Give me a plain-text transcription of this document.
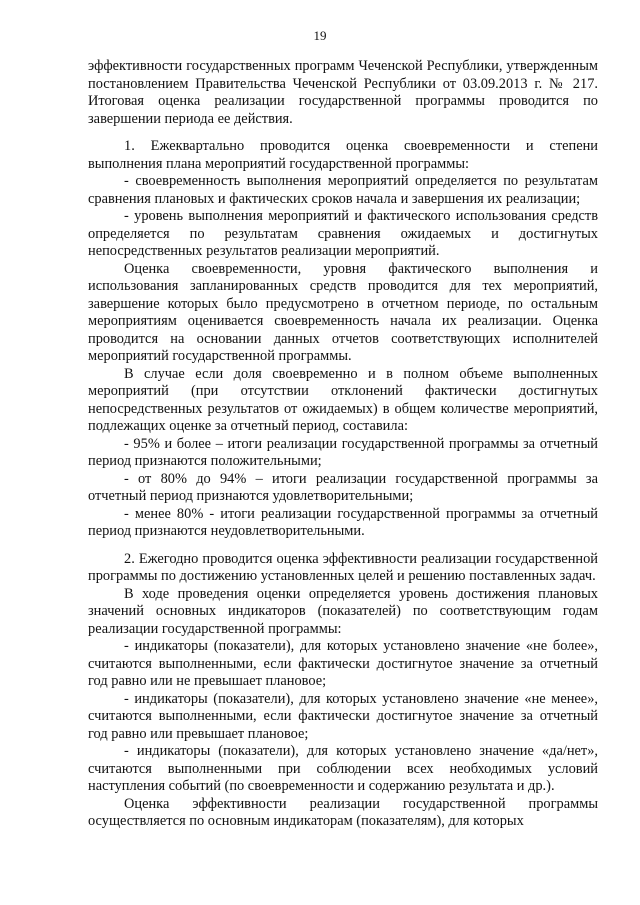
19

эффективности государственных программ Чеченской Республики, утвержденным постановлением Правительства Чеченской Республики от 03.09.2013 г. № 217. Итоговая оценка реализации государственной программы проводится по завершении периода ее действия.

1. Ежеквартально проводится оценка своевременности и степени выполнения плана мероприятий государственной программы:

- своевременность выполнения мероприятий определяется по результатам сравнения плановых и фактических сроков начала и завершения их реализации;

- уровень выполнения мероприятий и фактического использования средств определяется по результатам сравнения ожидаемых и достигнутых непосредственных результатов реализации мероприятий.

Оценка своевременности, уровня фактического выполнения и использования запланированных средств проводится для тех мероприятий, завершение которых было предусмотрено в отчетном периоде, по остальным мероприятиям оценивается своевременность начала их реализации. Оценка проводится на основании данных отчетов соответствующих исполнителей мероприятий государственной программы.

В случае если доля своевременно и в полном объеме выполненных мероприятий (при отсутствии отклонений фактически достигнутых непосредственных результатов от ожидаемых) в общем количестве мероприятий, подлежащих оценке за отчетный период, составила:

- 95% и более – итоги реализации государственной программы за отчетный период признаются положительными;

- от 80% до 94% – итоги реализации государственной программы за отчетный период признаются удовлетворительными;

- менее 80% - итоги реализации государственной программы за отчетный период признаются неудовлетворительными.

2. Ежегодно проводится оценка эффективности реализации государственной программы по достижению установленных целей и решению поставленных задач.

В ходе проведения оценки определяется уровень достижения плановых значений основных индикаторов (показателей) по соответствующим годам реализации государственной программы:

- индикаторы (показатели), для которых установлено значение «не более», считаются выполненными, если фактически достигнутое значение за отчетный год равно или не превышает плановое;

- индикаторы (показатели), для которых установлено значение «не менее», считаются выполненными, если фактически достигнутое значение за отчетный год равно или превышает плановое;

- индикаторы (показатели), для которых установлено значение «да/нет», считаются выполненными при соблюдении всех необходимых условий наступления событий (по своевременности и содержанию результата и др.).

Оценка эффективности реализации государственной программы осуществляется по основным индикаторам (показателям), для которых
